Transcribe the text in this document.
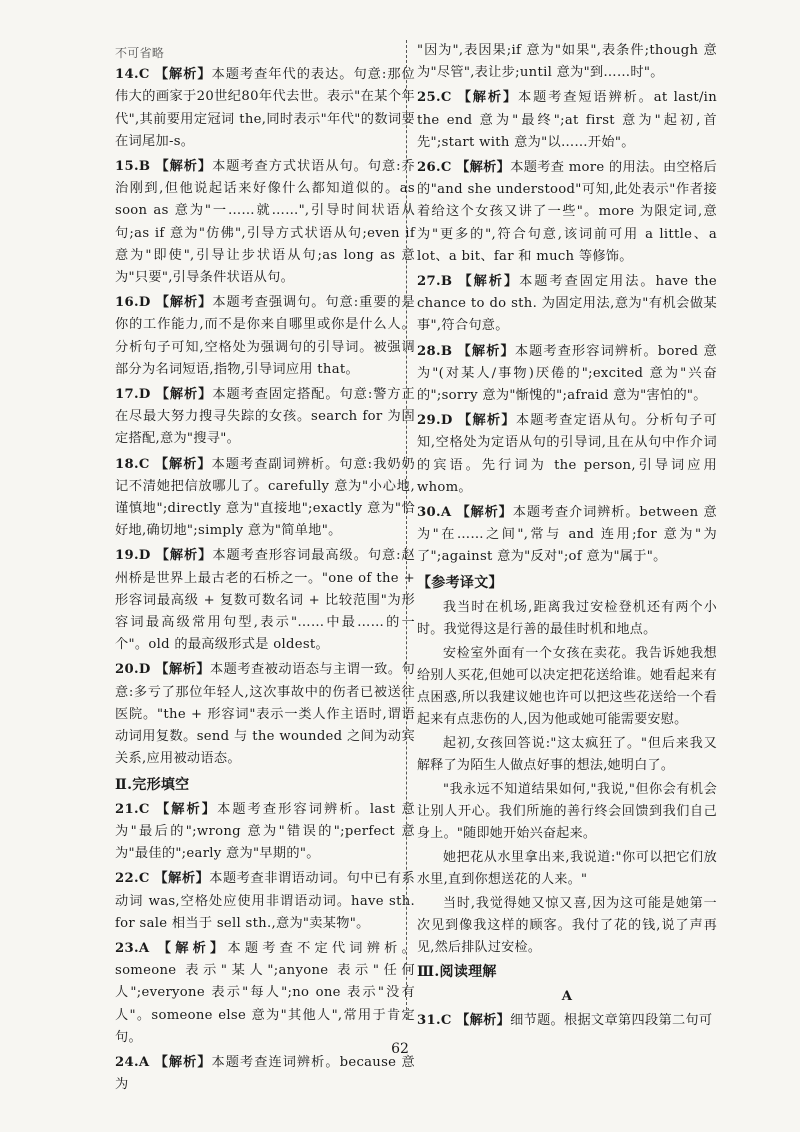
不可省略
14.C 【解析】本题考查年代的表达。句意:那位伟大的画家于20世纪80年代去世。表示"在某个年代",其前要用定冠词 the,同时表示"年代"的数词要在词尾加-s。
15.B 【解析】本题考查方式状语从句。句意:乔治刚到,但他说起话来好像什么都知道似的。as soon as 意为"一……就……",引导时间状语从句;as if 意为"仿佛",引导方式状语从句;even if 意为"即使",引导让步状语从句;as long as 意为"只要",引导条件状语从句。
16.D 【解析】本题考查强调句。句意:重要的是你的工作能力,而不是你来自哪里或你是什么人。分析句子可知,空格处为强调句的引导词。被强调部分为名词短语,指物,引导词应用 that。
17.D 【解析】本题考查固定搭配。句意:警方正在尽最大努力搜寻失踪的女孩。search for 为固定搭配,意为"搜寻"。
18.C 【解析】本题考查副词辨析。句意:我奶奶记不清她把信放哪儿了。carefully 意为"小心地,谨慎地";directly 意为"直接地";exactly 意为"恰好地,确切地";simply 意为"简单地"。
19.D 【解析】本题考查形容词最高级。句意:赵州桥是世界上最古老的石桥之一。"one of the + 形容词最高级 + 复数可数名词 + 比较范围"为形容词最高级常用句型,表示"……中最……的一个"。old 的最高级形式是 oldest。
20.D 【解析】本题考查被动语态与主谓一致。句意:多亏了那位年轻人,这次事故中的伤者已被送往医院。"the + 形容词"表示一类人作主语时,谓语动词用复数。send 与 the wounded 之间为动宾关系,应用被动语态。
Ⅱ.完形填空
21.C 【解析】本题考查形容词辨析。last 意为"最后的";wrong 意为"错误的";perfect 意为"最佳的";early 意为"早期的"。
22.C 【解析】本题考查非谓语动词。句中已有系动词 was,空格处应使用非谓语动词。have sth. for sale 相当于 sell sth.,意为"卖某物"。
23.A 【解析】本题考查不定代词辨析。someone 表示"某人";anyone 表示"任何人";everyone 表示"每人";no one 表示"没有人"。someone else 意为"其他人",常用于肯定句。
24.A 【解析】本题考查连词辨析。because 意为
"因为",表因果;if 意为"如果",表条件;though 意为"尽管",表让步;until 意为"到……时"。
25.C 【解析】本题考查短语辨析。at last/in the end 意为"最终";at first 意为"起初,首先";start with 意为"以……开始"。
26.C 【解析】本题考查 more 的用法。由空格后的"and she understood"可知,此处表示"作者接着给这个女孩又讲了一些"。more 为限定词,意为"更多的",符合句意,该词前可用 a little、a lot、a bit、far 和 much 等修饰。
27.B 【解析】本题考查固定用法。have the chance to do sth. 为固定用法,意为"有机会做某事",符合句意。
28.B 【解析】本题考查形容词辨析。bored 意为"(对某人/事物)厌倦的";excited 意为"兴奋的";sorry 意为"惭愧的";afraid 意为"害怕的"。
29.D 【解析】本题考查定语从句。分析句子可知,空格处为定语从句的引导词,且在从句中作介词的宾语。先行词为 the person,引导词应用 whom。
30.A 【解析】本题考查介词辨析。between 意为"在……之间",常与 and 连用;for 意为"为了";against 意为"反对";of 意为"属于"。
【参考译文】

我当时在机场,距离我过安检登机还有两个小时。我觉得这是行善的最佳时机和地点。

安检室外面有一个女孩在卖花。我告诉她我想给别人买花,但她可以决定把花送给谁。她看起来有点困惑,所以我建议她也许可以把这些花送给一个看起来有点悲伤的人,因为他或她可能需要安慰。

起初,女孩回答说:"这太疯狂了。"但后来我又解释了为陌生人做点好事的想法,她明白了。

"我永远不知道结果如何,"我说,"但你会有机会让别人开心。我们所施的善行终会回馈到我们自己身上。"随即她开始兴奋起来。

她把花从水里拿出来,我说道:"你可以把它们放水里,直到你想送花的人来。"

当时,我觉得她又惊又喜,因为这可能是她第一次见到像我这样的顾客。我付了花的钱,说了声再见,然后排队过安检。

Ⅲ.阅读理解
A
31.C 【解析】细节题。根据文章第四段第二句可
62
